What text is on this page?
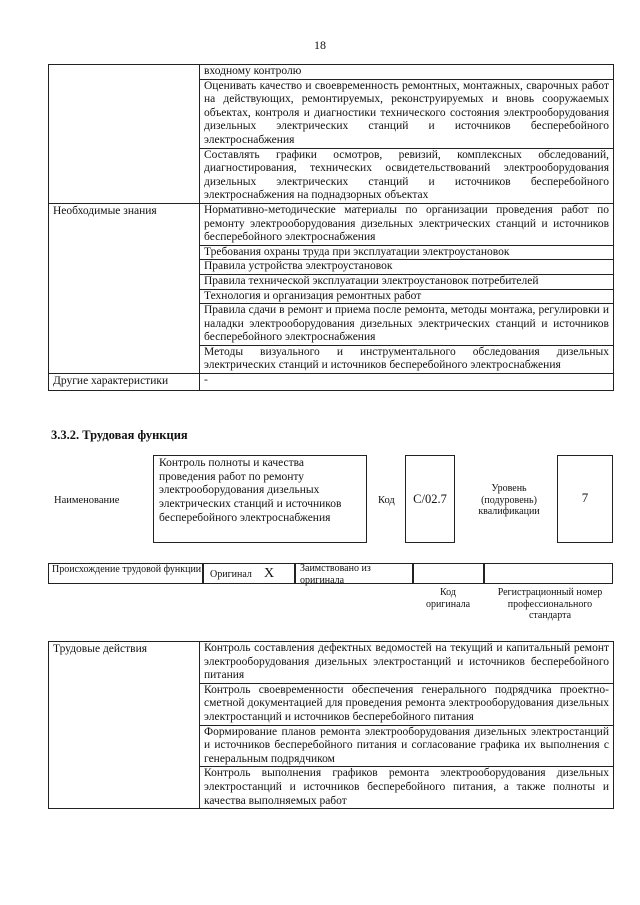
18
	входному контролю
	Оценивать качество и своевременность ремонтных, монтажных, сварочных работ на действующих, ремонтируемых, реконструируемых и вновь сооружаемых объектах, контроля и диагностики технического состояния электрооборудования дизельных электрических станций и источников бесперебойного электроснабжения
	Составлять графики осмотров, ревизий, комплексных обследований, диагностирования, технических освидетельствований электрооборудования дизельных электрических станций и источников бесперебойного электроснабжения на поднадзорных объектах
Необходимые знания	Нормативно-методические материалы по организации проведения работ по ремонту электрооборудования дизельных электрических станций и источников бесперебойного электроснабжения
	Требования охраны труда при эксплуатации электроустановок
	Правила устройства электроустановок
	Правила технической эксплуатации электроустановок потребителей
	Технология и организация ремонтных работ
	Правила сдачи в ремонт и приема после ремонта, методы монтажа, регулировки и наладки электрооборудования дизельных электрических станций и источников бесперебойного электроснабжения
	Методы визуального и инструментального обследования дизельных электрических станций и источников бесперебойного электроснабжения
Другие характеристики	-
3.3.2. Трудовая функция
Наименование
Контроль полноты и качества проведения работ по ремонту электрооборудования дизельных электрических станций и источников бесперебойного электроснабжения
Код	С/02.7
Уровень (подуровень) квалификации
7
Происхождение трудовой функции Оригинал Х	Заимствовано из оригинала
Код оригинала
Регистрационный номер профессионального стандарта
Трудовые действия	Контроль составления дефектных ведомостей на текущий и капитальный ремонт электрооборудования дизельных электростанций и источников бесперебойного питания
Контроль своевременности обеспечения генерального подрядчика проектно-сметной документацией для проведения ремонта электрооборудования дизельных электростанций и источников бесперебойного питания
Формирование планов ремонта электрооборудования дизельных электростанций и источников бесперебойного питания и согласование графика их выполнения с генеральным подрядчиком
Контроль выполнения графиков ремонта электрооборудования дизельных электростанций и источников бесперебойного питания, а также полноты и качества выполняемых работ
